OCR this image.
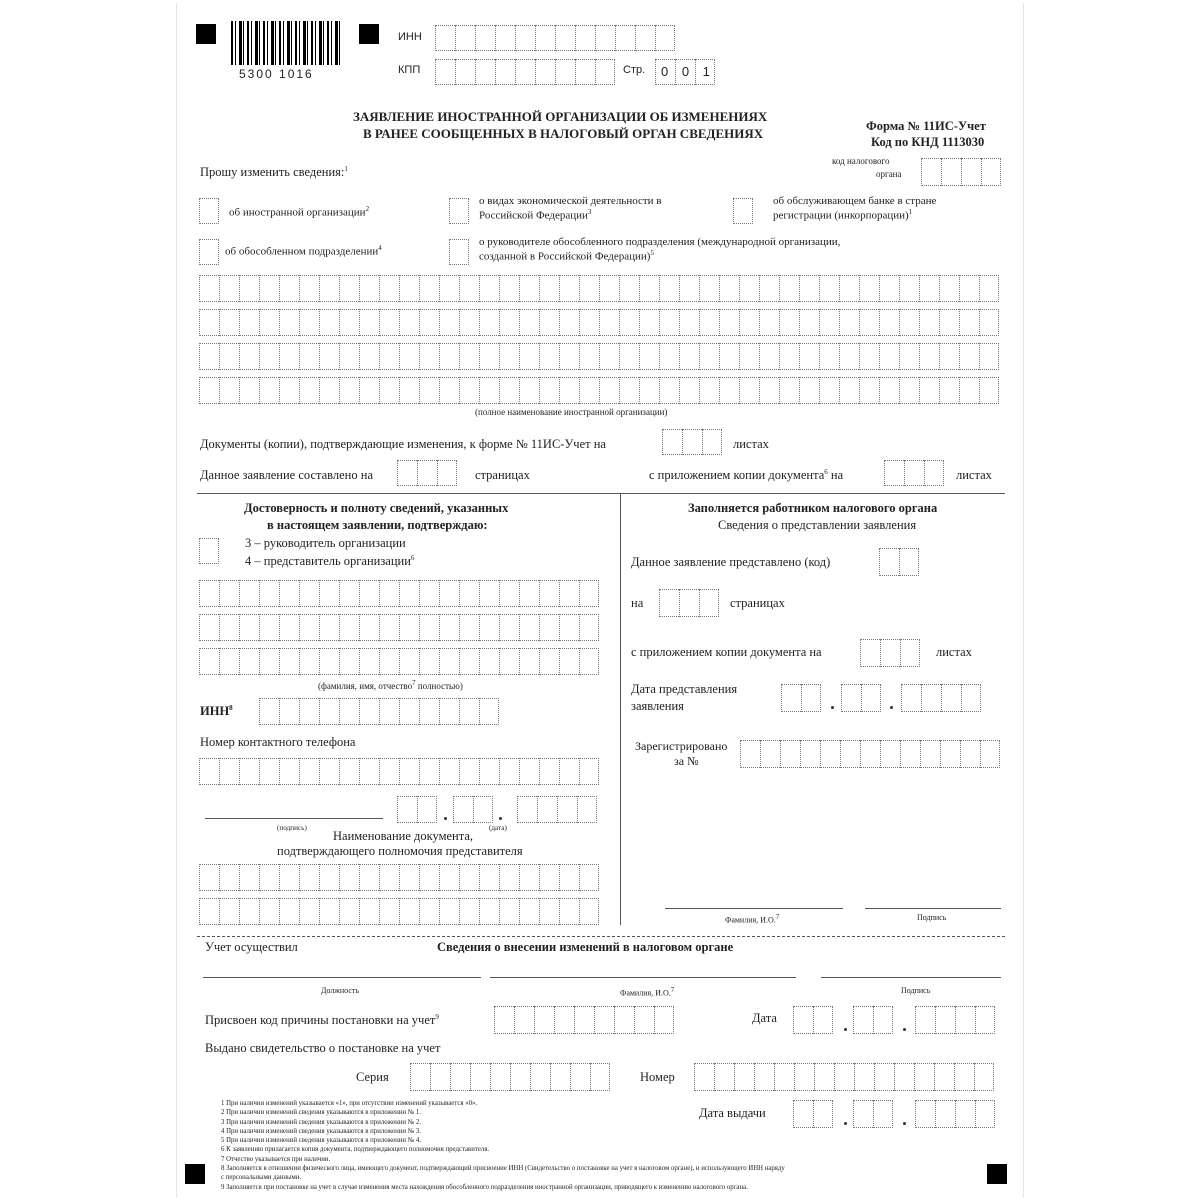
5300 1016
ИНН
КПП	Стр. 0 0 1
ЗАЯВЛЕНИЕ ИНОСТРАННОЙ ОРГАНИЗАЦИИ ОБ ИЗМЕНЕНИЯХ
В РАНЕЕ СООБЩЕННЫХ В НАЛОГОВЫЙ ОРГАН СВЕДЕНИЯХ	Форма № 11ИС-Учет
Код по КНД 1113030
код налогового
органа
Прошу изменить сведения:$^1$
об иностранной организации$^2$
о видах экономической деятельности в
Российской Федерации$^3$
об обслуживающем банке в стране
регистрации (инкорпорации)$^1$
об обособленном подразделении$^4$	о руководителе обособленного подразделения (международной организации,
созданной в Российской Федерации)$^5$
(полное наименование иностранной организации)
Документы (копии), подтверждающие изменения, к форме № 11ИС-Учет на	листах
Данное заявление составлено на	страницах	с приложением копии документа$^6$ на	листах
Достоверность и полноту сведений, указанных
в настоящем заявлении, подтверждаю:
3 – руководитель организации
4 – представитель организации$^6$
(фамилия, имя, отчество$^7$ полностью)
ИНН$^8$
Номер контактного телефона
(подпись)	(дата)
Наименование документа,
подтверждающего полномочия представителя
Заполняется работником налогового органа
Сведения о представлении заявления
Данное заявление представлено (код)
на	страницах
с приложением копии документа на	листах
Дата представления
заявления
Зарегистрировано
за №
Фамилия, И.О.$^7$	Подпись
Учет осуществил	Сведения о внесении изменений в налоговом органе
Должность	Фамилия, И.О.$^7$	Подпись
Присвоен код причины постановки на учет$^9$	Дата
Выдано свидетельство о постановке на учет
Серия	Номер
Дата выдачи
1 При наличии изменений указывается «1», при отсутствии изменений указывается «0».
2 При наличии изменений сведения указываются в приложении № 1.
3 При наличии изменений сведения указываются в приложении № 2.
4 При наличии изменений сведения указываются в приложении № 3.
5 При наличии изменений сведения указываются в приложении № 4.
6 К заявлению прилагается копия документа, подтверждающего полномочия представителя.
7 Отчество указывается при наличии.
8 Заполняется в отношении физического лица, имеющего документ, подтверждающий присвоение ИНН (Свидетельство о постановке на учет в налоговом органе), и использующего ИНН наряду
с персональными данными.
9 Заполняется при постановке на учет в случае изменения места нахождения обособленного подразделения иностранной организации, приводящего к изменению налогового органа.
